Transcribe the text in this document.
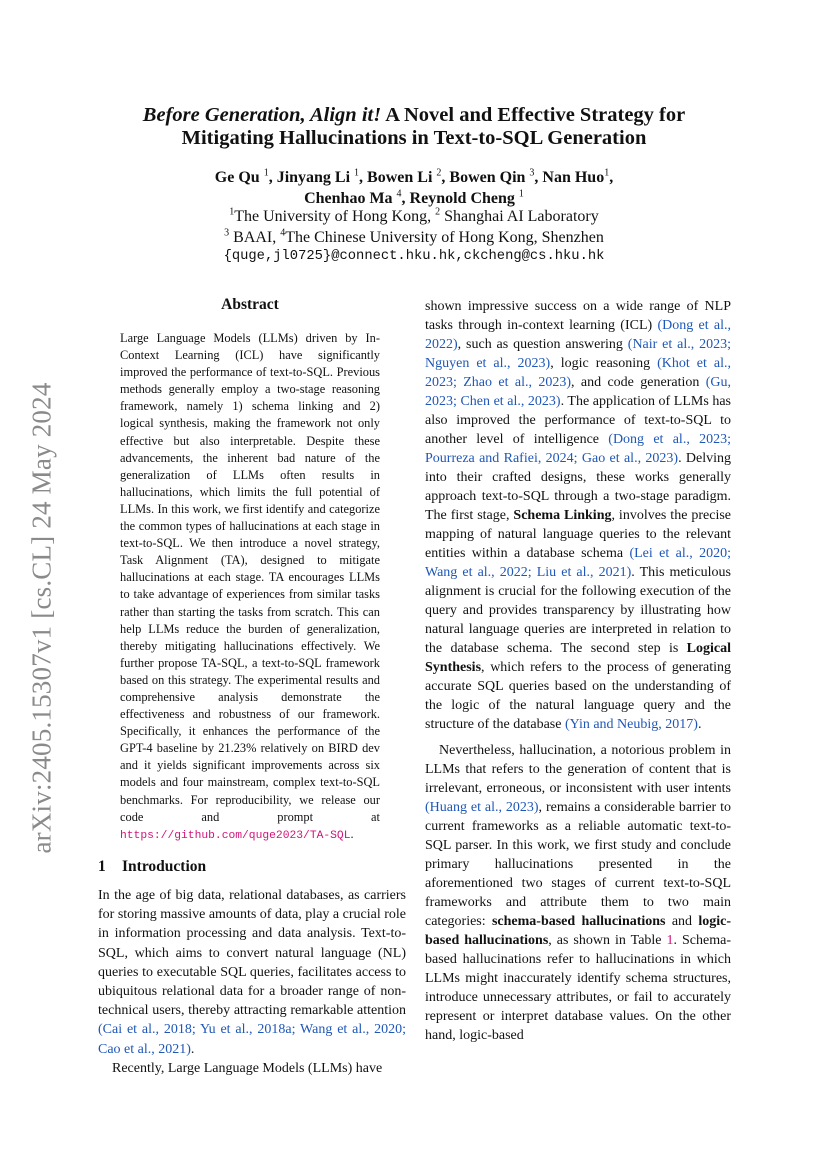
arXiv:2405.15307v1 [cs.CL] 24 May 2024
Before Generation, Align it! A Novel and Effective Strategy for Mitigating Hallucinations in Text-to-SQL Generation
Ge Qu $^1$, Jinyang Li $^1$, Bowen Li $^2$, Bowen Qin $^3$, Nan Huo$^1$,
Chenhao Ma $^4$, Reynold Cheng $^1$
$^1$The University of Hong Kong, $^2$ Shanghai AI Laboratory
$^3$ BAAI, $^4$The Chinese University of Hong Kong, Shenzhen
{quge,jl0725}@connect.hku.hk,ckcheng@cs.hku.hk
Abstract
Large Language Models (LLMs) driven by In-Context Learning (ICL) have significantly improved the performance of text-to-SQL. Previous methods generally employ a two-stage reasoning framework, namely 1) schema linking and 2) logical synthesis, making the framework not only effective but also interpretable. Despite these advancements, the inherent bad nature of the generalization of LLMs often results in hallucinations, which limits the full potential of LLMs. In this work, we first identify and categorize the common types of hallucinations at each stage in text-to-SQL. We then introduce a novel strategy, Task Alignment (TA), designed to mitigate hallucinations at each stage. TA encourages LLMs to take advantage of experiences from similar tasks rather than starting the tasks from scratch. This can help LLMs reduce the burden of generalization, thereby mitigating hallucinations effectively. We further propose TA-SQL, a text-to-SQL framework based on this strategy. The experimental results and comprehensive analysis demonstrate the effectiveness and robustness of our framework. Specifically, it enhances the performance of the GPT-4 baseline by 21.23% relatively on BIRD dev and it yields significant improvements across six models and four mainstream, complex text-to-SQL benchmarks. For reproducibility, we release our code and prompt at https://github.com/quge2023/TA-SQL.
1 Introduction

In the age of big data, relational databases, as carriers for storing massive amounts of data, play a crucial role in information processing and data analysis. Text-to-SQL, which aims to convert natural language (NL) queries to executable SQL queries, facilitates access to ubiquitous relational data for a broader range of non-technical users, thereby attracting remarkable attention (Cai et al., 2018; Yu et al., 2018a; Wang et al., 2020; Cao et al., 2021).

Recently, Large Language Models (LLMs) have

shown impressive success on a wide range of NLP tasks through in-context learning (ICL) (Dong et al., 2022), such as question answering (Nair et al., 2023; Nguyen et al., 2023), logic reasoning (Khot et al., 2023; Zhao et al., 2023), and code generation (Gu, 2023; Chen et al., 2023). The application of LLMs has also improved the performance of text-to-SQL to another level of intelligence (Dong et al., 2023; Pourreza and Rafiei, 2024; Gao et al., 2023). Delving into their crafted designs, these works generally approach text-to-SQL through a two-stage paradigm. The first stage, Schema Linking, involves the precise mapping of natural language queries to the relevant entities within a database schema (Lei et al., 2020; Wang et al., 2022; Liu et al., 2021). This meticulous alignment is crucial for the following execution of the query and provides transparency by illustrating how natural language queries are interpreted in relation to the database schema. The second step is Logical Synthesis, which refers to the process of generating accurate SQL queries based on the understanding of the logic of the natural language query and the structure of the database (Yin and Neubig, 2017).

Nevertheless, hallucination, a notorious problem in LLMs that refers to the generation of content that is irrelevant, erroneous, or inconsistent with user intents (Huang et al., 2023), remains a considerable barrier to current frameworks as a reliable automatic text-to-SQL parser. In this work, we first study and conclude primary hallucinations presented in the aforementioned two stages of current text-to-SQL frameworks and attribute them to two main categories: schema-based hallucinations and logic-based hallucinations, as shown in Table 1. Schema-based hallucinations refer to hallucinations in which LLMs might inaccurately identify schema structures, introduce unnecessary attributes, or fail to accurately represent or interpret database values. On the other hand, logic-based
